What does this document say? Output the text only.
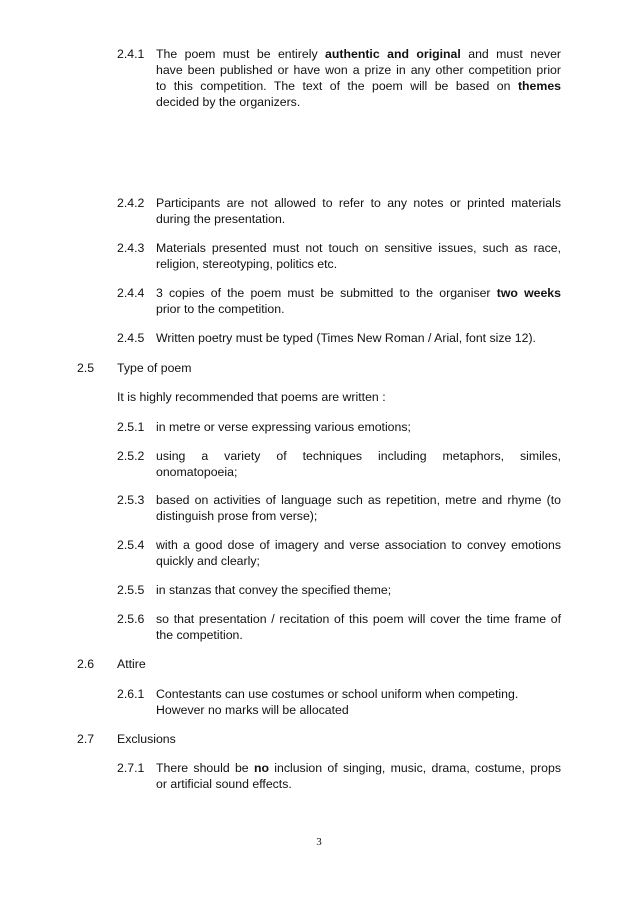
2.4.1 The poem must be entirely authentic and original and must never
have been published or have won a prize in any other competition prior
to this competition. The text of the poem will be based on themes
decided by the organizers.
2.4.2 Participants are not allowed to refer to any notes or printed materials
during the presentation.
2.4.3 Materials presented must not touch on sensitive issues, such as race,
religion, stereotyping, politics etc.
2.4.4 3 copies of the poem must be submitted to the organiser two weeks
prior to the competition.
2.4.5 Written poetry must be typed (Times New Roman / Arial, font size 12).
2.5 Type of poem
It is highly recommended that poems are written :
2.5.1 in metre or verse expressing various emotions;
2.5.2 using a variety of techniques including metaphors, similes,
onomatopoeia;
2.5.3 based on activities of language such as repetition, metre and rhyme (to
distinguish prose from verse);
2.5.4 with a good dose of imagery and verse association to convey emotions
quickly and clearly;
2.5.5 in stanzas that convey the specified theme;
2.5.6 so that presentation / recitation of this poem will cover the time frame of
the competition.
2.6 Attire
2.6.1 Contestants can use costumes or school uniform when competing.
However no marks will be allocated
2.7 Exclusions
2.7.1 There should be no inclusion of singing, music, drama, costume, props
or artificial sound effects.
3
